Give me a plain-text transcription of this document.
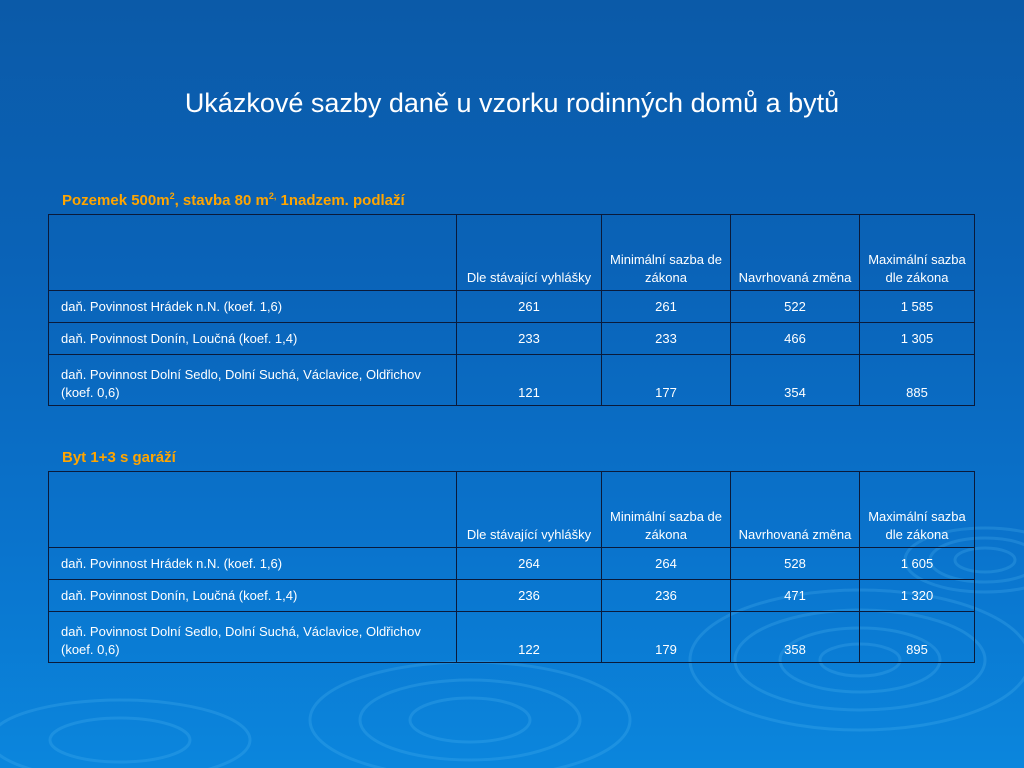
Ukázkové sazby daně u vzorku rodinných domů a bytů
Pozemek $500m^2$, stavba 80 $m^{2,}$ 1nadzem. podlaží
	Dle stávající vyhlášky	Minimální sazba de zákona	Navrhovaná změna	Maximální sazba dle zákona
daň. Povinnost Hrádek n.N. (koef. 1,6)	261	261	522	1 585
daň. Povinnost Donín, Loučná (koef. 1,4)	233	233	466	1 305
daň. Povinnost Dolní Sedlo, Dolní Suchá, Václavice, Oldřichov (koef. 0,6)	121	177	354	885
Byt 1+3 s garáží
	Dle stávající vyhlášky	Minimální sazba de zákona	Navrhovaná změna	Maximální sazba dle zákona
daň. Povinnost Hrádek n.N. (koef. 1,6)	264	264	528	1 605
daň. Povinnost Donín, Loučná (koef. 1,4)	236	236	471	1 320
daň. Povinnost Dolní Sedlo, Dolní Suchá, Václavice, Oldřichov (koef. 0,6)	122	179	358	895
